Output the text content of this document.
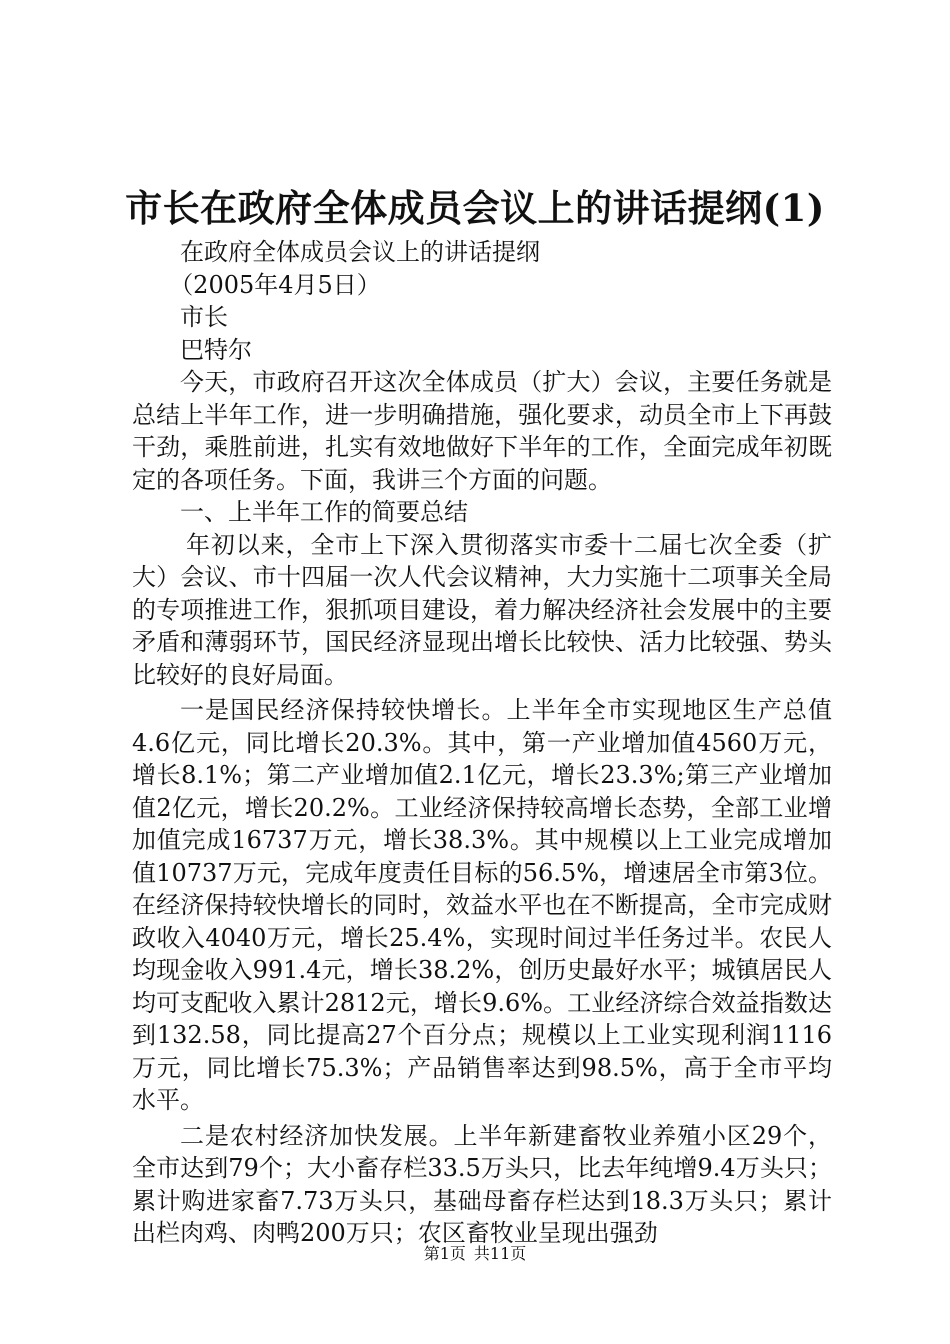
市长在政府全体成员会议上的讲话提纲(1)

在政府全体成员会议上的讲话提纲

（2005年4月5日）

市长

巴特尔

今天，市政府召开这次全体成员（扩大）会议，主要任务就是总结上半年工作，进一步明确措施，强化要求，动员全市上下再鼓干劲，乘胜前进，扎实有效地做好下半年的工作，全面完成年初既定的各项任务。下面，我讲三个方面的问题。

一、上半年工作的简要总结

年初以来，全市上下深入贯彻落实市委十二届七次全委（扩大）会议、市十四届一次人代会议精神，大力实施十二项事关全局的专项推进工作，狠抓项目建设，着力解决经济社会发展中的主要矛盾和薄弱环节，国民经济显现出增长比较快、活力比较强、势头比较好的良好局面。

一是国民经济保持较快增长。上半年全市实现地区生产总值4.6亿元，同比增长20.3%。其中，第一产业增加值4560万元，增长8.1%；第二产业增加值2.1亿元，增长23.3%;第三产业增加值2亿元，增长20.2%。工业经济保持较高增长态势，全部工业增加值完成16737万元，增长38.3%。其中规模以上工业完成增加值10737万元，完成年度责任目标的56.5%，增速居全市第3位。在经济保持较快增长的同时，效益水平也在不断提高，全市完成财政收入4040万元，增长25.4%，实现时间过半任务过半。农民人均现金收入991.4元，增长38.2%，创历史最好水平；城镇居民人均可支配收入累计2812元，增长9.6%。工业经济综合效益指数达到132.58，同比提高27个百分点；规模以上工业实现利润1116万元，同比增长75.3%；产品销售率达到98.5%，高于全市平均水平。

二是农村经济加快发展。上半年新建畜牧业养殖小区29个，全市达到79个；大小畜存栏33.5万头只，比去年纯增9.4万头只；累计购进家畜7.73万头只，基础母畜存栏达到18.3万头只；累计出栏肉鸡、肉鸭200万只；农区畜牧业呈现出强劲

第1页 共11页
